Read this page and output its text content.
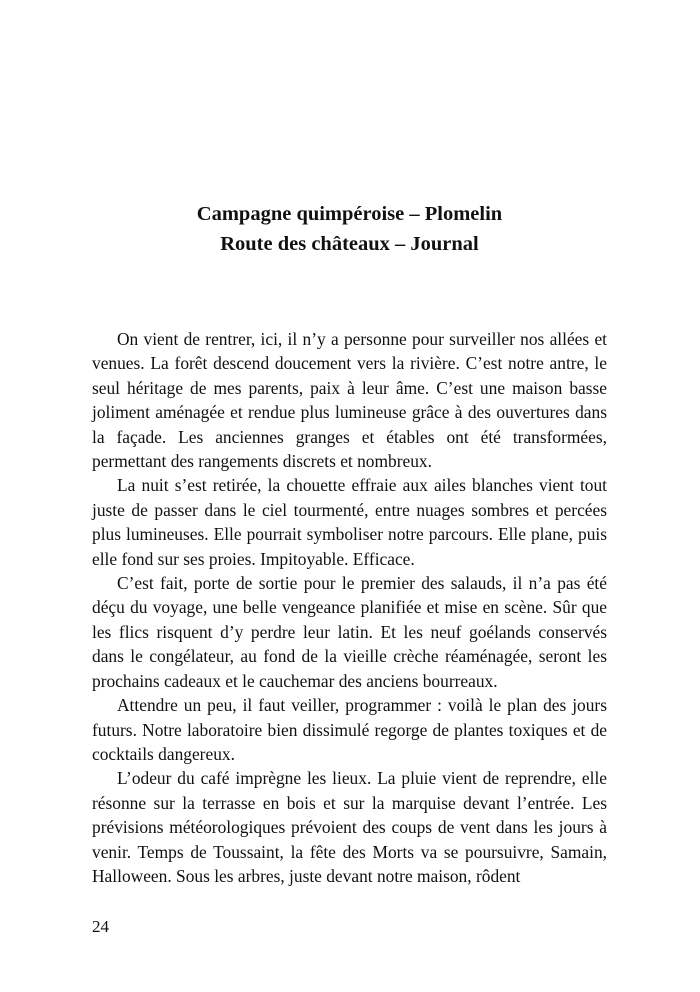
Campagne quimpéroise – Plomelin
Route des châteaux – Journal

On vient de rentrer, ici, il n’y a personne pour surveiller nos allées et venues. La forêt descend doucement vers la rivière. C’est notre antre, le seul héritage de mes parents, paix à leur âme. C’est une maison basse joliment aménagée et rendue plus lumineuse grâce à des ouvertures dans la façade. Les anciennes granges et étables ont été transformées, permettant des rangements discrets et nombreux.

La nuit s’est retirée, la chouette effraie aux ailes blanches vient tout juste de passer dans le ciel tourmenté, entre nuages sombres et percées plus lumineuses. Elle pourrait symboliser notre parcours. Elle plane, puis elle fond sur ses proies. Impitoyable. Efficace.

C’est fait, porte de sortie pour le premier des salauds, il n’a pas été déçu du voyage, une belle vengeance planifiée et mise en scène. Sûr que les flics risquent d’y perdre leur latin. Et les neuf goélands conservés dans le congélateur, au fond de la vieille crèche réaménagée, seront les prochains cadeaux et le cauchemar des anciens bourreaux.

Attendre un peu, il faut veiller, programmer : voilà le plan des jours futurs. Notre laboratoire bien dissimulé regorge de plantes toxiques et de cocktails dangereux.

L’odeur du café imprègne les lieux. La pluie vient de reprendre, elle résonne sur la terrasse en bois et sur la marquise devant l’entrée. Les prévisions météorologiques prévoient des coups de vent dans les jours à venir. Temps de Toussaint, la fête des Morts va se poursuivre, Samain, Halloween. Sous les arbres, juste devant notre maison, rôdent

24
